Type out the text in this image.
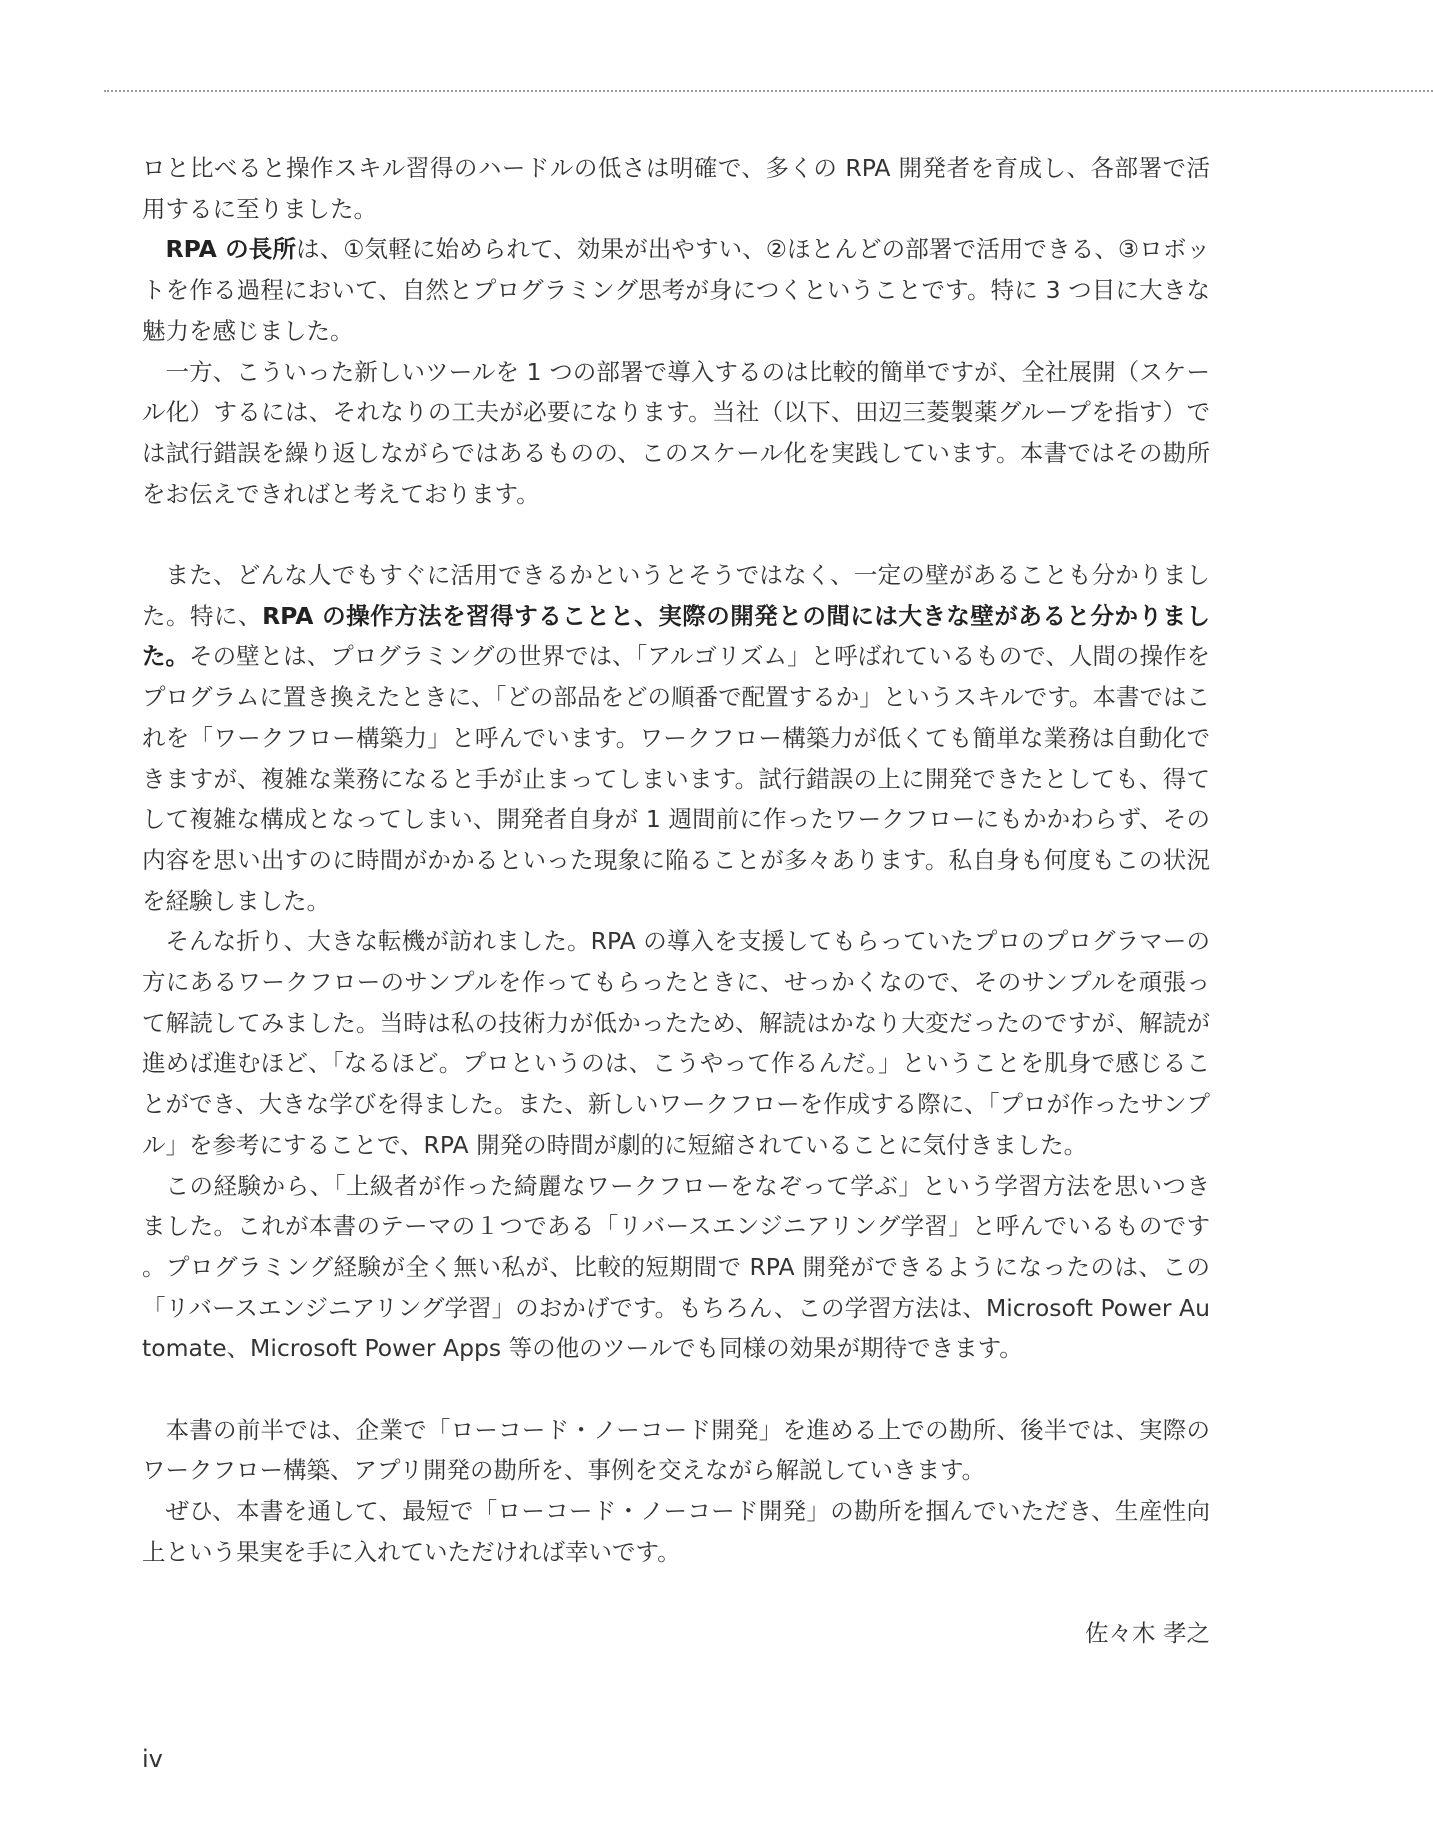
ロと比べると操作スキル習得のハードルの低さは明確で、多くの RPA 開発者を育成し、各部署で活用するに至りました。

RPA の長所は、①気軽に始められて、効果が出やすい、②ほとんどの部署で活用できる、③ロボットを作る過程において、自然とプログラミング思考が身につくということです。特に 3 つ目に大きな魅力を感じました。

一方、こういった新しいツールを 1 つの部署で導入するのは比較的簡単ですが、全社展開（スケール化）するには、それなりの工夫が必要になります。当社（以下、田辺三菱製薬グループを指す）では試行錯誤を繰り返しながらではあるものの、このスケール化を実践しています。本書ではその勘所をお伝えできればと考えております。

また、どんな人でもすぐに活用できるかというとそうではなく、一定の壁があることも分かりました。特に、RPA の操作方法を習得することと、実際の開発との間には大きな壁があると分かりました。その壁とは、プログラミングの世界では、「アルゴリズム」と呼ばれているもので、人間の操作をプログラムに置き換えたときに、「どの部品をどの順番で配置するか」というスキルです。本書ではこれを「ワークフロー構築力」と呼んでいます。ワークフロー構築力が低くても簡単な業務は自動化できますが、複雑な業務になると手が止まってしまいます。試行錯誤の上に開発できたとしても、得てして複雑な構成となってしまい、開発者自身が 1 週間前に作ったワークフローにもかかわらず、その内容を思い出すのに時間がかかるといった現象に陥ることが多々あります。私自身も何度もこの状況を経験しました。

そんな折り、大きな転機が訪れました。RPA の導入を支援してもらっていたプロのプログラマーの方にあるワークフローのサンプルを作ってもらったときに、せっかくなので、そのサンプルを頑張って解読してみました。当時は私の技術力が低かったため、解読はかなり大変だったのですが、解読が進めば進むほど、「なるほど。プロというのは、こうやって作るんだ。」ということを肌身で感じることができ、大きな学びを得ました。また、新しいワークフローを作成する際に、「プロが作ったサンプル」を参考にすることで、RPA 開発の時間が劇的に短縮されていることに気付きました。

この経験から、「上級者が作った綺麗なワークフローをなぞって学ぶ」という学習方法を思いつきました。これが本書のテーマの１つである「リバースエンジニアリング学習」と呼んでいるものです。プログラミング経験が全く無い私が、比較的短期間で RPA 開発ができるようになったのは、この「リバースエンジニアリング学習」のおかげです。もちろん、この学習方法は、Microsoft Power Automate、Microsoft Power Apps 等の他のツールでも同様の効果が期待できます。

本書の前半では、企業で「ローコード・ノーコード開発」を進める上での勘所、後半では、実際のワークフロー構築、アプリ開発の勘所を、事例を交えながら解説していきます。

ぜひ、本書を通して、最短で「ローコード・ノーコード開発」の勘所を掴んでいただき、生産性向上という果実を手に入れていただければ幸いです。

佐々木 孝之
iv
